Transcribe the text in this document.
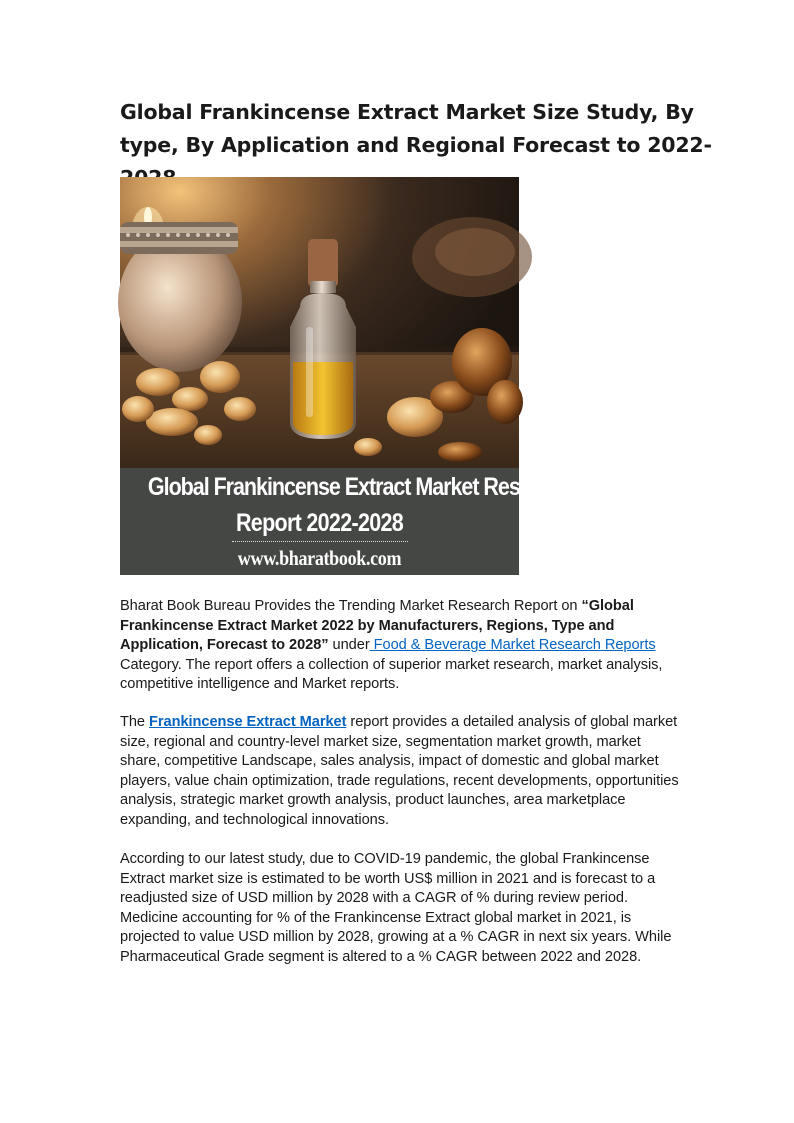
Global Frankincense Extract Market Size Study, By type, By Application and Regional Forecast to 2022-
Global Frankincense Extract Market Research
Report 2022-2028
www.bharatbook.com

Bharat Book Bureau Provides the Trending Market Research Report on “Global Frankincense Extract Market 2022 by Manufacturers, Regions, Type and Application, Forecast to 2028” under Food & Beverage Market Research Reports
Category. The report offers a collection of superior market research, market analysis, competitive intelligence and Market reports.

The Frankincense Extract Market report provides a detailed analysis of global market size, regional and country-level market size, segmentation market growth, market share, competitive Landscape, sales analysis, impact of domestic and global market players, value chain optimization, trade regulations, recent developments, opportunities analysis, strategic market growth analysis, product launches, area marketplace expanding, and technological innovations.

According to our latest study, due to COVID-19 pandemic, the global Frankincense Extract market size is estimated to be worth US$ million in 2021 and is forecast to a readjusted size of USD million by 2028 with a CAGR of % during review period. Medicine accounting for % of the Frankincense Extract global market in 2021, is projected to value USD million by 2028, growing at a % CAGR in next six years. While Pharmaceutical Grade segment is altered to a % CAGR between 2022 and 2028.
